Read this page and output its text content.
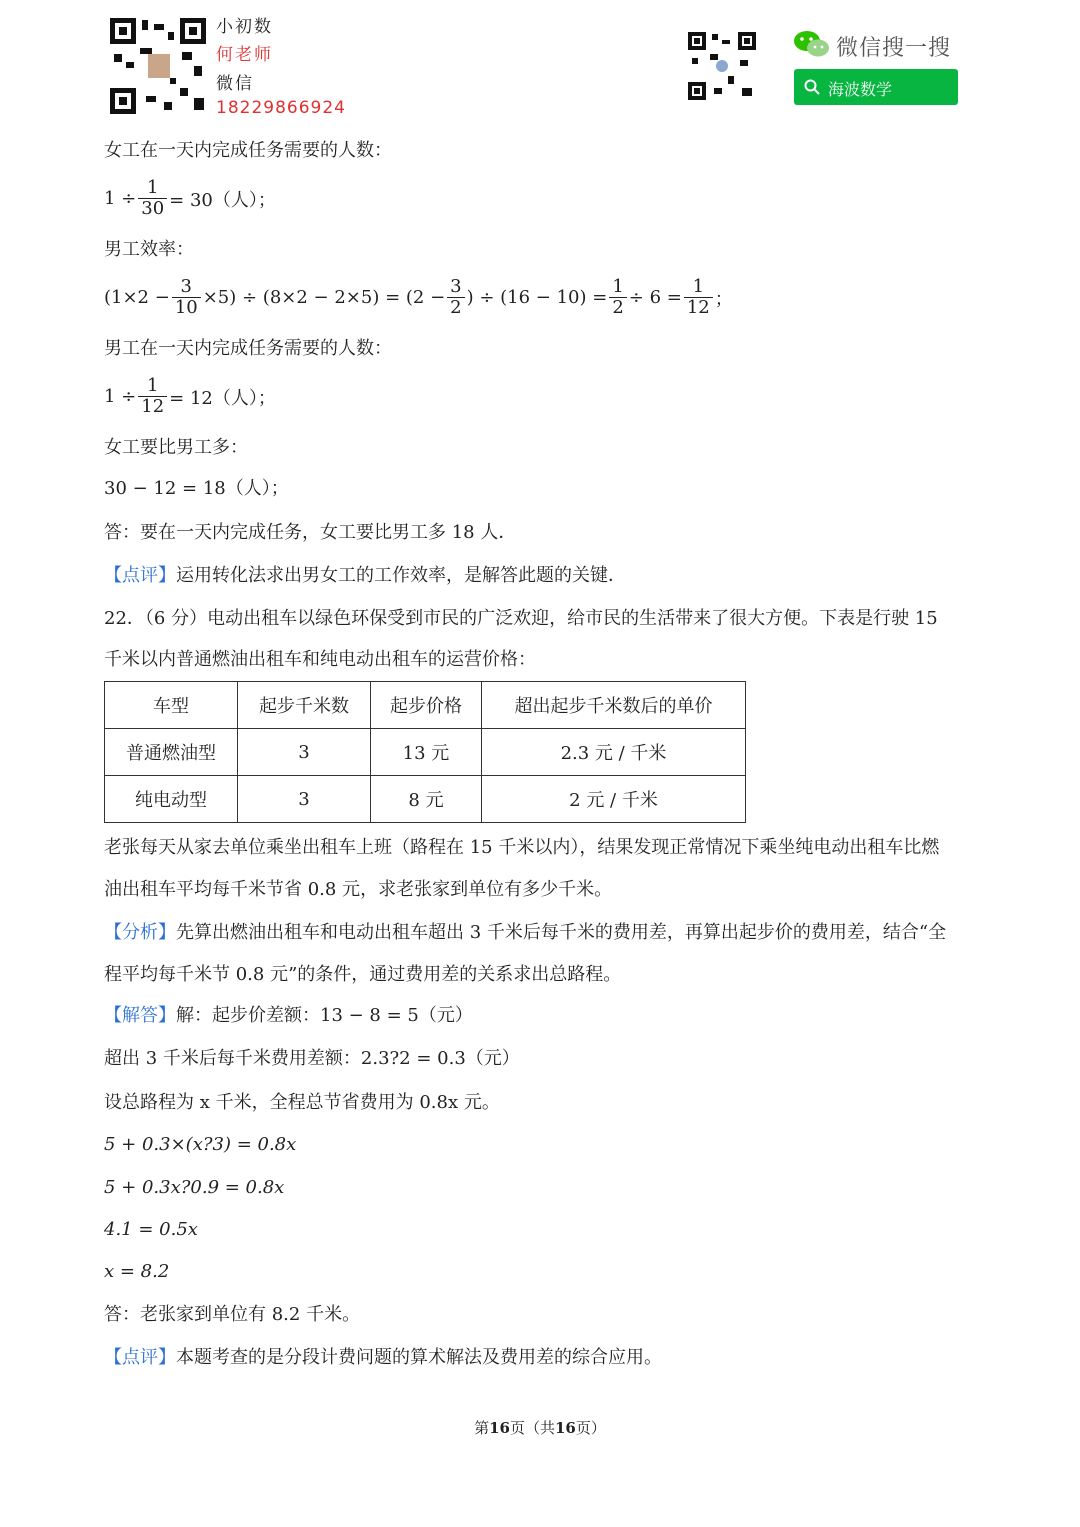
小初数
何老师
微信
18229866924
微信搜一搜
海波数学
女工在一天内完成任务需要的人数：
$1 \div \frac{1}{30} = 30$（人）；
男工效率：
$(1\times 2 - \frac{3}{10} \times 5) \div (8\times 2 - 2\times 5) = (2 - \frac{3}{2}$ ) ÷ $(16 - 10) = \frac{1}{2} \div 6 = \frac{1}{12}$ ；
男工在一天内完成任务需要的人数：
$1 \div \frac{1}{12} = 12$（人）；
女工要比男工多：
30 − 12 = 18（人）；
答：要在一天内完成任务，女工要比男工多 18 人．
【点评】运用转化法求出男女工的工作效率，是解答此题的关键．
22．（6 分）电动出租车以绿色环保受到市民的广泛欢迎，给市民的生活带来了很大方便。下表是行驶 15
千米以内普通燃油出租车和纯电动出租车的运营价格：
车型	起步千米数	起步价格	超出起步千米数后的单价
普通燃油型	3	13 元	2.3 元 / 千米
纯电动型	3	8 元	2 元 / 千米
老张每天从家去单位乘坐出租车上班（路程在 15 千米以内），结果发现正常情况下乘坐纯电动出租车比燃
油出租车平均每千米节省 0.8 元，求老张家到单位有多少千米。
【分析】先算出燃油出租车和电动出租车超出 3 千米后每千米的费用差，再算出起步价的费用差，结合“全
程平均每千米节 0.8 元”的条件，通过费用差的关系求出总路程。
【解答】解：起步价差额：13 − 8 = 5（元）
超出 3 千米后每千米费用差额：2.3?2 = 0.3（元）
设总路程为 x 千米，全程总节省费用为 0.8x 元。
5 + 0.3×(x?3) = 0.8x
5 + 0.3x?0.9 = 0.8x
4.1 = 0.5x
x = 8.2
答：老张家到单位有 8.2 千米。
【点评】本题考查的是分段计费问题的算术解法及费用差的综合应用。
第16页（共16页）
